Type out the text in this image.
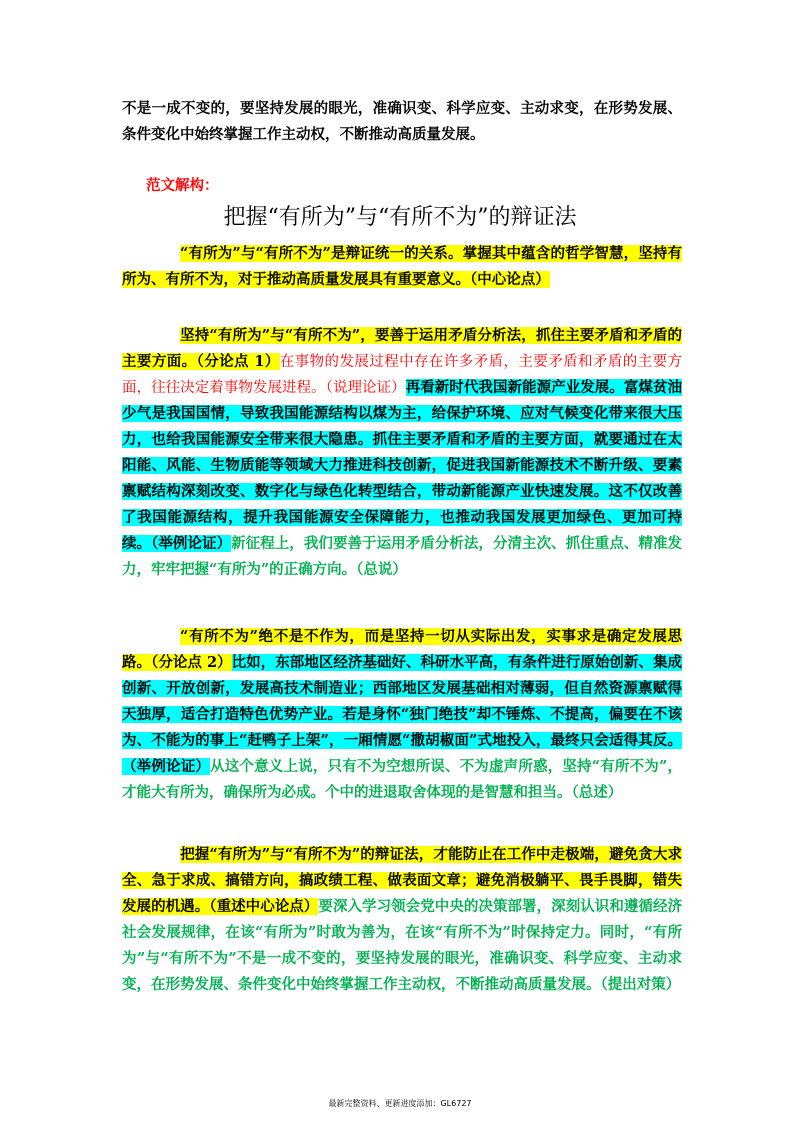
不是一成不变的，要坚持发展的眼光，准确识变、科学应变、主动求变，在形势发展、条件变化中始终掌握工作主动权，不断推动高质量发展。
范文解构：
把握“有所为”与“有所不为”的辩证法
“有所为”与“有所不为”是辩证统一的关系。掌握其中蕴含的哲学智慧，坚持有所为、有所不为，对于推动高质量发展具有重要意义。（中心论点）
坚持“有所为”与“有所不为”，要善于运用矛盾分析法，抓住主要矛盾和矛盾的主要方面。（分论点 1）在事物的发展过程中存在许多矛盾，主要矛盾和矛盾的主要方面，往往决定着事物发展进程。（说理论证）再看新时代我国新能源产业发展。富煤贫油少气是我国国情，导致我国能源结构以煤为主，给保护环境、应对气候变化带来很大压力，也给我国能源安全带来很大隐患。抓住主要矛盾和矛盾的主要方面，就要通过在太阳能、风能、生物质能等领域大力推进科技创新，促进我国新能源技术不断升级、要素禀赋结构深刻改变、数字化与绿色化转型结合，带动新能源产业快速发展。这不仅改善了我国能源结构，提升我国能源安全保障能力，也推动我国发展更加绿色、更加可持续。（举例论证）新征程上，我们要善于运用矛盾分析法，分清主次、抓住重点、精准发力，牢牢把握“有所为”的正确方向。（总说）
“有所不为”绝不是不作为，而是坚持一切从实际出发，实事求是确定发展思路。（分论点 2）比如，东部地区经济基础好、科研水平高，有条件进行原始创新、集成创新、开放创新，发展高技术制造业；西部地区发展基础相对薄弱，但自然资源禀赋得天独厚，适合打造特色优势产业。若是身怀“独门绝技”却不锤炼、不提高，偏要在不该为、不能为的事上“赶鸭子上架”，一厢情愿“撒胡椒面”式地投入，最终只会适得其反。（举例论证）从这个意义上说，只有不为空想所误、不为虚声所惑，坚持“有所不为”，才能大有所为，确保所为必成。个中的进退取舍体现的是智慧和担当。（总述）
把握“有所为”与“有所不为”的辩证法，才能防止在工作中走极端，避免贪大求全、急于求成、搞错方向，搞政绩工程、做表面文章；避免消极躺平、畏手畏脚，错失发展的机遇。（重述中心论点）要深入学习领会党中央的决策部署，深刻认识和遵循经济社会发展规律，在该“有所为”时敢为善为，在该“有所不为”时保持定力。同时，“有所为”与“有所不为”不是一成不变的，要坚持发展的眼光，准确识变、科学应变、主动求变，在形势发展、条件变化中始终掌握工作主动权，不断推动高质量发展。（提出对策）
最新完整资料、更新进度添加：GL6727
